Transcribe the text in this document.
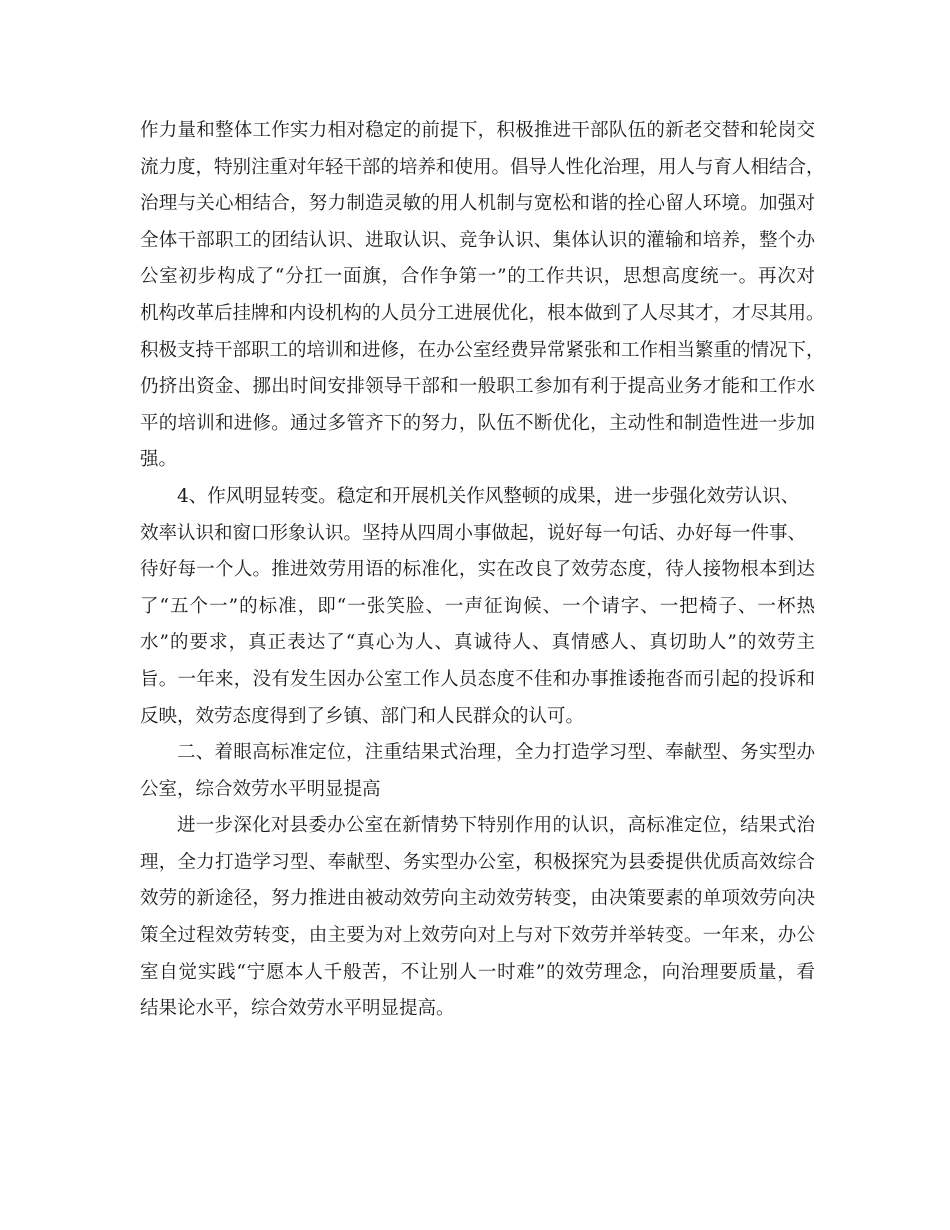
作力量和整体工作实力相对稳定的前提下，积极推进干部队伍的新老交替和轮岗交
流力度，特别注重对年轻干部的培养和使用。倡导人性化治理，用人与育人相结合，
治理与关心相结合，努力制造灵敏的用人机制与宽松和谐的拴心留人环境。加强对
全体干部职工的团结认识、进取认识、竞争认识、集体认识的灌输和培养，整个办
公室初步构成了“分扛一面旗，合作争第一”的工作共识，思想高度统一。再次对
机构改革后挂牌和内设机构的人员分工进展优化，根本做到了人尽其才，才尽其用。
积极支持干部职工的培训和进修，在办公室经费异常紧张和工作相当繁重的情况下，
仍挤出资金、挪出时间安排领导干部和一般职工参加有利于提高业务才能和工作水
平的培训和进修。通过多管齐下的努力，队伍不断优化，主动性和制造性进一步加
强。
4、作风明显转变。稳定和开展机关作风整顿的成果，进一步强化效劳认识、
效率认识和窗口形象认识。坚持从四周小事做起，说好每一句话、办好每一件事、
待好每一个人。推进效劳用语的标准化，实在改良了效劳态度，待人接物根本到达
了“五个一”的标准，即“一张笑脸、一声征询候、一个请字、一把椅子、一杯热
水”的要求，真正表达了“真心为人、真诚待人、真情感人、真切助人”的效劳主
旨。一年来，没有发生因办公室工作人员态度不佳和办事推诿拖沓而引起的投诉和
反映，效劳态度得到了乡镇、部门和人民群众的认可。
二、着眼高标准定位，注重结果式治理，全力打造学习型、奉献型、务实型办
公室，综合效劳水平明显提高
进一步深化对县委办公室在新情势下特别作用的认识，高标准定位，结果式治
理，全力打造学习型、奉献型、务实型办公室，积极探究为县委提供优质高效综合
效劳的新途径，努力推进由被动效劳向主动效劳转变，由决策要素的单项效劳向决
策全过程效劳转变，由主要为对上效劳向对上与对下效劳并举转变。一年来，办公
室自觉实践“宁愿本人千般苦，不让别人一时难”的效劳理念，向治理要质量，看
结果论水平，综合效劳水平明显提高。
